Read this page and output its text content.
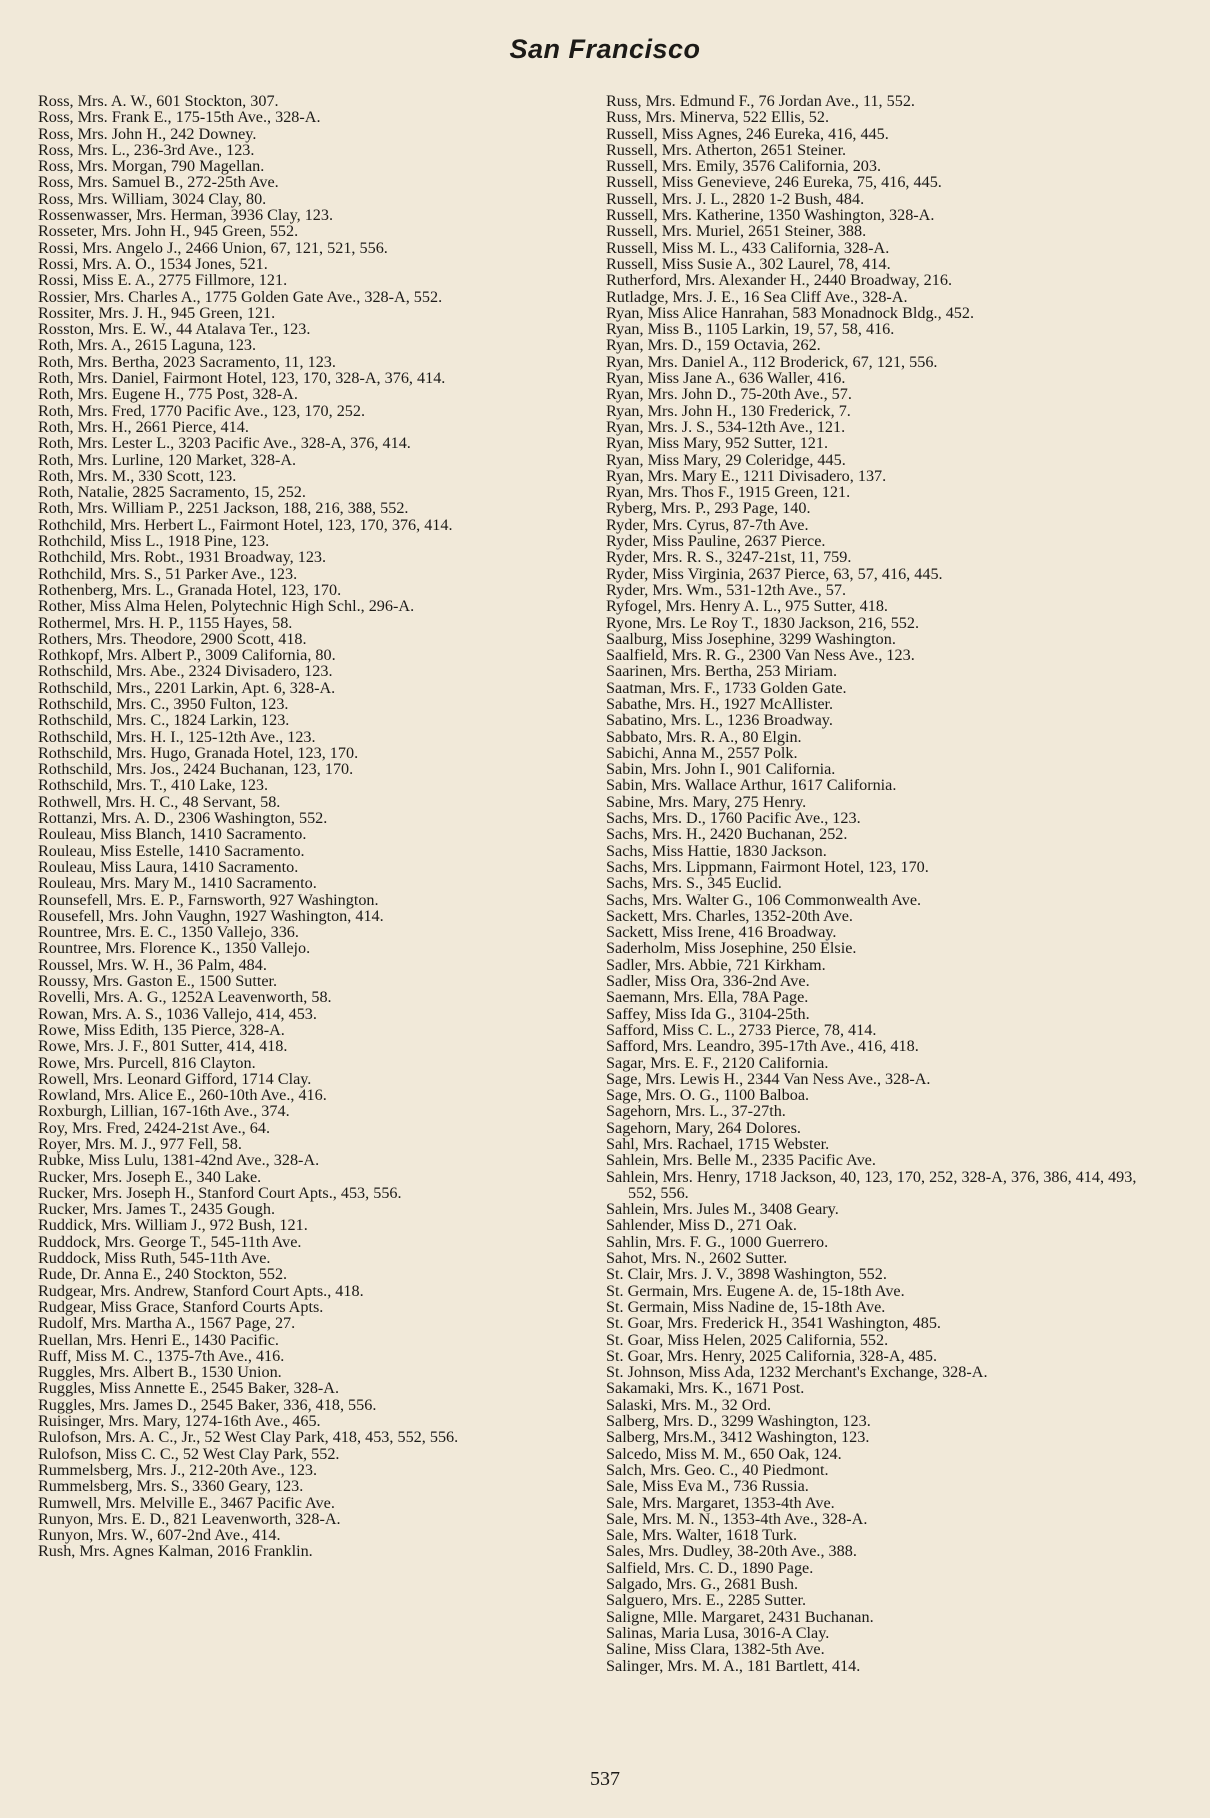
San Francisco
Ross, Mrs. A. W., 601 Stockton, 307.
Ross, Mrs. Frank E., 175-15th Ave., 328-A.
Ross, Mrs. John H., 242 Downey.
Ross, Mrs. L., 236-3rd Ave., 123.
Ross, Mrs. Morgan, 790 Magellan.
Ross, Mrs. Samuel B., 272-25th Ave.
Ross, Mrs. William, 3024 Clay, 80.
Rossenwasser, Mrs. Herman, 3936 Clay, 123.
Rosseter, Mrs. John H., 945 Green, 552.
Rossi, Mrs. Angelo J., 2466 Union, 67, 121, 521, 556.
Rossi, Mrs. A. O., 1534 Jones, 521.
Rossi, Miss E. A., 2775 Fillmore, 121.
Rossier, Mrs. Charles A., 1775 Golden Gate Ave., 328-A, 552.
Rossiter, Mrs. J. H., 945 Green, 121.
Rosston, Mrs. E. W., 44 Atalava Ter., 123.
Roth, Mrs. A., 2615 Laguna, 123.
Roth, Mrs. Bertha, 2023 Sacramento, 11, 123.
Roth, Mrs. Daniel, Fairmont Hotel, 123, 170, 328-A, 376, 414.
Roth, Mrs. Eugene H., 775 Post, 328-A.
Roth, Mrs. Fred, 1770 Pacific Ave., 123, 170, 252.
Roth, Mrs. H., 2661 Pierce, 414.
Roth, Mrs. Lester L., 3203 Pacific Ave., 328-A, 376, 414.
Roth, Mrs. Lurline, 120 Market, 328-A.
Roth, Mrs. M., 330 Scott, 123.
Roth, Natalie, 2825 Sacramento, 15, 252.
Roth, Mrs. William P., 2251 Jackson, 188, 216, 388, 552.
Rothchild, Mrs. Herbert L., Fairmont Hotel, 123, 170, 376, 414.
Rothchild, Miss L., 1918 Pine, 123.
Rothchild, Mrs. Robt., 1931 Broadway, 123.
Rothchild, Mrs. S., 51 Parker Ave., 123.
Rothenberg, Mrs. L., Granada Hotel, 123, 170.
Rother, Miss Alma Helen, Polytechnic High Schl., 296-A.
Rothermel, Mrs. H. P., 1155 Hayes, 58.
Rothers, Mrs. Theodore, 2900 Scott, 418.
Rothkopf, Mrs. Albert P., 3009 California, 80.
Rothschild, Mrs. Abe., 2324 Divisadero, 123.
Rothschild, Mrs., 2201 Larkin, Apt. 6, 328-A.
Rothschild, Mrs. C., 3950 Fulton, 123.
Rothschild, Mrs. C., 1824 Larkin, 123.
Rothschild, Mrs. H. I., 125-12th Ave., 123.
Rothschild, Mrs. Hugo, Granada Hotel, 123, 170.
Rothschild, Mrs. Jos., 2424 Buchanan, 123, 170.
Rothschild, Mrs. T., 410 Lake, 123.
Rothwell, Mrs. H. C., 48 Servant, 58.
Rottanzi, Mrs. A. D., 2306 Washington, 552.
Rouleau, Miss Blanch, 1410 Sacramento.
Rouleau, Miss Estelle, 1410 Sacramento.
Rouleau, Miss Laura, 1410 Sacramento.
Rouleau, Mrs. Mary M., 1410 Sacramento.
Rounsefell, Mrs. E. P., Farnsworth, 927 Washington.
Rousefell, Mrs. John Vaughn, 1927 Washington, 414.
Rountree, Mrs. E. C., 1350 Vallejo, 336.
Rountree, Mrs. Florence K., 1350 Vallejo.
Roussel, Mrs. W. H., 36 Palm, 484.
Roussy, Mrs. Gaston E., 1500 Sutter.
Rovelli, Mrs. A. G., 1252A Leavenworth, 58.
Rowan, Mrs. A. S., 1036 Vallejo, 414, 453.
Rowe, Miss Edith, 135 Pierce, 328-A.
Rowe, Mrs. J. F., 801 Sutter, 414, 418.
Rowe, Mrs. Purcell, 816 Clayton.
Rowell, Mrs. Leonard Gifford, 1714 Clay.
Rowland, Mrs. Alice E., 260-10th Ave., 416.
Roxburgh, Lillian, 167-16th Ave., 374.
Roy, Mrs. Fred, 2424-21st Ave., 64.
Royer, Mrs. M. J., 977 Fell, 58.
Rubke, Miss Lulu, 1381-42nd Ave., 328-A.
Rucker, Mrs. Joseph E., 340 Lake.
Rucker, Mrs. Joseph H., Stanford Court Apts., 453, 556.
Rucker, Mrs. James T., 2435 Gough.
Ruddick, Mrs. William J., 972 Bush, 121.
Ruddock, Mrs. George T., 545-11th Ave.
Ruddock, Miss Ruth, 545-11th Ave.
Rude, Dr. Anna E., 240 Stockton, 552.
Rudgear, Mrs. Andrew, Stanford Court Apts., 418.
Rudgear, Miss Grace, Stanford Courts Apts.
Rudolf, Mrs. Martha A., 1567 Page, 27.
Ruellan, Mrs. Henri E., 1430 Pacific.
Ruff, Miss M. C., 1375-7th Ave., 416.
Ruggles, Mrs. Albert B., 1530 Union.
Ruggles, Miss Annette E., 2545 Baker, 328-A.
Ruggles, Mrs. James D., 2545 Baker, 336, 418, 556.
Ruisinger, Mrs. Mary, 1274-16th Ave., 465.
Rulofson, Mrs. A. C., Jr., 52 West Clay Park, 418, 453, 552, 556.
Rulofson, Miss C. C., 52 West Clay Park, 552.
Rummelsberg, Mrs. J., 212-20th Ave., 123.
Rummelsberg, Mrs. S., 3360 Geary, 123.
Rumwell, Mrs. Melville E., 3467 Pacific Ave.
Runyon, Mrs. E. D., 821 Leavenworth, 328-A.
Runyon, Mrs. W., 607-2nd Ave., 414.
Rush, Mrs. Agnes Kalman, 2016 Franklin.
Russ, Mrs. Edmund F., 76 Jordan Ave., 11, 552.
Russ, Mrs. Minerva, 522 Ellis, 52.
Russell, Miss Agnes, 246 Eureka, 416, 445.
Russell, Mrs. Atherton, 2651 Steiner.
Russell, Mrs. Emily, 3576 California, 203.
Russell, Miss Genevieve, 246 Eureka, 75, 416, 445.
Russell, Mrs. J. L., 2820 1-2 Bush, 484.
Russell, Mrs. Katherine, 1350 Washington, 328-A.
Russell, Mrs. Muriel, 2651 Steiner, 388.
Russell, Miss M. L., 433 California, 328-A.
Russell, Miss Susie A., 302 Laurel, 78, 414.
Rutherford, Mrs. Alexander H., 2440 Broadway, 216.
Rutladge, Mrs. J. E., 16 Sea Cliff Ave., 328-A.
Ryan, Miss Alice Hanrahan, 583 Monadnock Bldg., 452.
Ryan, Miss B., 1105 Larkin, 19, 57, 58, 416.
Ryan, Mrs. D., 159 Octavia, 262.
Ryan, Mrs. Daniel A., 112 Broderick, 67, 121, 556.
Ryan, Miss Jane A., 636 Waller, 416.
Ryan, Mrs. John D., 75-20th Ave., 57.
Ryan, Mrs. John H., 130 Frederick, 7.
Ryan, Mrs. J. S., 534-12th Ave., 121.
Ryan, Miss Mary, 952 Sutter, 121.
Ryan, Miss Mary, 29 Coleridge, 445.
Ryan, Mrs. Mary E., 1211 Divisadero, 137.
Ryan, Mrs. Thos F., 1915 Green, 121.
Ryberg, Mrs. P., 293 Page, 140.
Ryder, Mrs. Cyrus, 87-7th Ave.
Ryder, Miss Pauline, 2637 Pierce.
Ryder, Mrs. R. S., 3247-21st, 11, 759.
Ryder, Miss Virginia, 2637 Pierce, 63, 57, 416, 445.
Ryder, Mrs. Wm., 531-12th Ave., 57.
Ryfogel, Mrs. Henry A. L., 975 Sutter, 418.
Ryone, Mrs. Le Roy T., 1830 Jackson, 216, 552.
Saalburg, Miss Josephine, 3299 Washington.
Saalfield, Mrs. R. G., 2300 Van Ness Ave., 123.
Saarinen, Mrs. Bertha, 253 Miriam.
Saatman, Mrs. F., 1733 Golden Gate.
Sabathe, Mrs. H., 1927 McAllister.
Sabatino, Mrs. L., 1236 Broadway.
Sabbato, Mrs. R. A., 80 Elgin.
Sabichi, Anna M., 2557 Polk.
Sabin, Mrs. John I., 901 California.
Sabin, Mrs. Wallace Arthur, 1617 California.
Sabine, Mrs. Mary, 275 Henry.
Sachs, Mrs. D., 1760 Pacific Ave., 123.
Sachs, Mrs. H., 2420 Buchanan, 252.
Sachs, Miss Hattie, 1830 Jackson.
Sachs, Mrs. Lippmann, Fairmont Hotel, 123, 170.
Sachs, Mrs. S., 345 Euclid.
Sachs, Mrs. Walter G., 106 Commonwealth Ave.
Sackett, Mrs. Charles, 1352-20th Ave.
Sackett, Miss Irene, 416 Broadway.
Saderholm, Miss Josephine, 250 Elsie.
Sadler, Mrs. Abbie, 721 Kirkham.
Sadler, Miss Ora, 336-2nd Ave.
Saemann, Mrs. Ella, 78A Page.
Saffey, Miss Ida G., 3104-25th.
Safford, Miss C. L., 2733 Pierce, 78, 414.
Safford, Mrs. Leandro, 395-17th Ave., 416, 418.
Sagar, Mrs. E. F., 2120 California.
Sage, Mrs. Lewis H., 2344 Van Ness Ave., 328-A.
Sage, Mrs. O. G., 1100 Balboa.
Sagehorn, Mrs. L., 37-27th.
Sagehorn, Mary, 264 Dolores.
Sahl, Mrs. Rachael, 1715 Webster.
Sahlein, Mrs. Belle M., 2335 Pacific Ave.
Sahlein, Mrs. Henry, 1718 Jackson, 40, 123, 170, 252, 328-A, 376, 386, 414, 493, 552, 556.
Sahlein, Mrs. Jules M., 3408 Geary.
Sahlender, Miss D., 271 Oak.
Sahlin, Mrs. F. G., 1000 Guerrero.
Sahot, Mrs. N., 2602 Sutter.
St. Clair, Mrs. J. V., 3898 Washington, 552.
St. Germain, Mrs. Eugene A. de, 15-18th Ave.
St. Germain, Miss Nadine de, 15-18th Ave.
St. Goar, Mrs. Frederick H., 3541 Washington, 485.
St. Goar, Miss Helen, 2025 California, 552.
St. Goar, Mrs. Henry, 2025 California, 328-A, 485.
St. Johnson, Miss Ada, 1232 Merchant's Exchange, 328-A.
Sakamaki, Mrs. K., 1671 Post.
Salaski, Mrs. M., 32 Ord.
Salberg, Mrs. D., 3299 Washington, 123.
Salberg, Mrs.M., 3412 Washington, 123.
Salcedo, Miss M. M., 650 Oak, 124.
Salch, Mrs. Geo. C., 40 Piedmont.
Sale, Miss Eva M., 736 Russia.
Sale, Mrs. Margaret, 1353-4th Ave.
Sale, Mrs. M. N., 1353-4th Ave., 328-A.
Sale, Mrs. Walter, 1618 Turk.
Sales, Mrs. Dudley, 38-20th Ave., 388.
Salfield, Mrs. C. D., 1890 Page.
Salgado, Mrs. G., 2681 Bush.
Salguero, Mrs. E., 2285 Sutter.
Saligne, Mlle. Margaret, 2431 Buchanan.
Salinas, Maria Lusa, 3016-A Clay.
Saline, Miss Clara, 1382-5th Ave.
Salinger, Mrs. M. A., 181 Bartlett, 414.
537
